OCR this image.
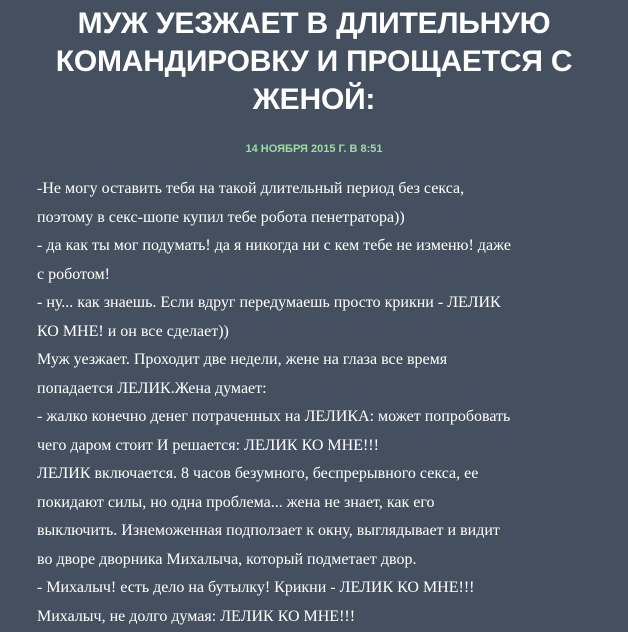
МУЖ УЕЗЖАЕТ В ДЛИТЕЛЬНУЮ
КОМАНДИРОВКУ И ПРОЩАЕТСЯ С
ЖЕНОЙ:
14 НОЯБРЯ 2015 Г. В 8:51
-Не могу оставить тебя на такой длительный период без секса,
поэтому в секс-шопе купил тебе робота пенетратора))
- да как ты мог подумать! да я никогда ни с кем тебе не изменю! даже
с роботом!
- ну... как знаешь. Если вдруг передумаешь просто крикни - ЛЕЛИК
КО МНЕ! и он все сделает))
Муж уезжает. Проходит две недели, жене на глаза все время
попадается ЛЕЛИК.Жена думает:
- жалко конечно денег потраченных на ЛЕЛИКА: может попробовать
чего даром стоит И решается: ЛЕЛИК КО МНЕ!!!
ЛЕЛИК включается. 8 часов безумного, беспрерывного секса, ее
покидают силы, но одна проблема... жена не знает, как его
выключить. Изнеможенная подползает к окну, выглядывает и видит
во дворе дворника Михалыча, который подметает двор.
- Михалыч! есть дело на бутылку! Крикни - ЛЕЛИК КО МНЕ!!!
Михалыч, не долго думая: ЛЕЛИК КО МНЕ!!!
